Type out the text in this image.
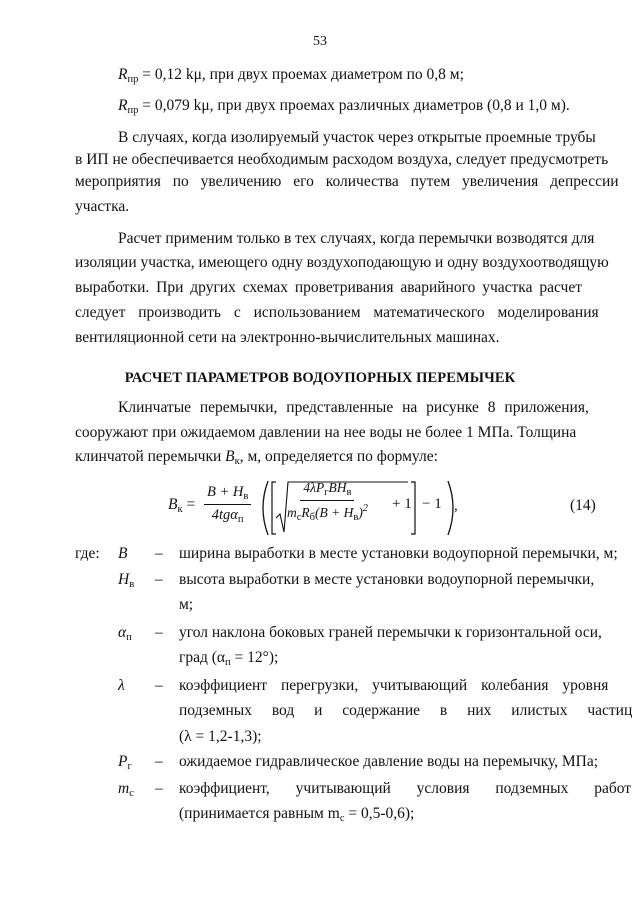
53
$R_{пр} = 0,12$ kμ, при двух проемах диаметром по 0,8 м;
$R_{пр} = 0,079$ kμ, при двух проемах различных диаметров (0,8 и 1,0 м).
В случаях, когда изолируемый участок через открытые проемные трубы
в ИП не обеспечивается необходимым расходом воздуха, следует предусмотреть
мероприятия по увеличению его количества путем увеличения депрессии
участка.
Расчет применим только в тех случаях, когда перемычки возводятся для
изоляции участка, имеющего одну воздухоподающую и одну воздухоотводящую
выработки. При других схемах проветривания аварийного участка расчет
следует производить с использованием математического моделирования
вентиляционной сети на электронно-вычислительных машинах.
РАСЧЕТ ПАРАМЕТРОВ ВОДОУПОРНЫХ ПЕРЕМЫЧЕК
Клинчатые перемычки, представленные на рисунке 8 приложения,
сооружают при ожидаемом давлении на нее воды не более 1 МПа. Толщина
клинчатой перемычки $B_к$, м, определяется по формуле:
$B_к$ =
$B + H_в$
4tgα$_п$
$4\lambda P_гBH_в$
$m_сR_б(B + H_в)^2 + 1 - 1$ ,	(14)
где: B – ширина выработки в месте установки водоупорной перемычки, м;
$H_в$ – высота выработки в месте установки водоупорной перемычки,
м;
$\alpha_п$ – угол наклона боковых граней перемычки к горизонтальной оси,
град $(\alpha_п = 12^\circ)$;
λ – коэффициент перегрузки, учитывающий колебания уровня
подземных вод и содержание в них илистых частиц
(λ = 1,2-1,3);
$P_г$ – ожидаемое гидравлическое давление воды на перемычку, МПа;
$m_с$ – коэффициент, учитывающий условия подземных работ
(принимается равным $m_с = 0,5-0,6$);
